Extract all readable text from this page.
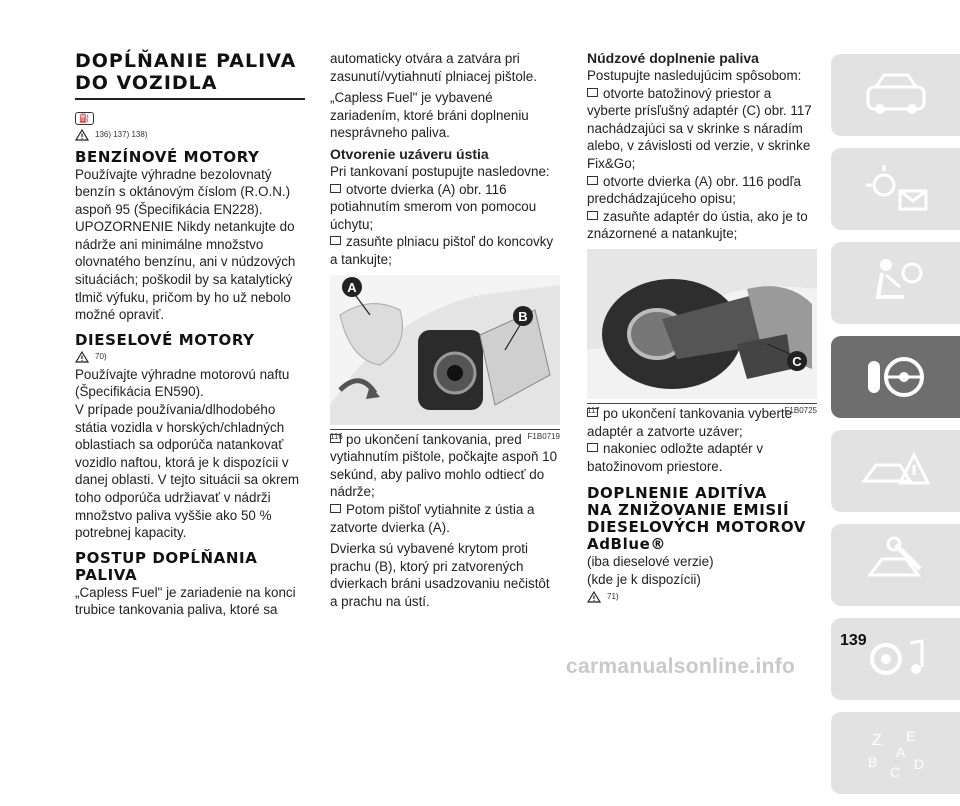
DOPĹŇANIE PALIVA
DO VOZIDLA
⛽
136) 137) 138)
BENZÍNOVÉ MOTORY
Používajte výhradne bezolovnatý benzín s oktánovým číslom (R.O.N.) aspoň 95 (Špecifikácia EN228).
UPOZORNENIE Nikdy netankujte do nádrže ani minimálne množstvo olovnatého benzínu, ani v núdzových situáciách; poškodil by sa katalytický tlmič výfuku, pričom by ho už nebolo možné opraviť.
DIESELOVÉ MOTORY
70)
Používajte výhradne motorovú naftu (Špecifikácia EN590).
V prípade používania/dlhodobého státia vozidla v horských/chladných oblastiach sa odporúča natankovať vozidlo naftou, ktorá je k dispozícii v danej oblasti. V tejto situácii sa okrem toho odporúča udržiavať v nádrži množstvo paliva vyššie ako 50 % potrebnej kapacity.
POSTUP DOPĹŇANIA
PALIVA
„Capless Fuel" je zariadenie na konci trubice tankovania paliva, ktoré sa
automaticky otvára a zatvára pri zasunutí/vytiahnutí plniacej pištole.
„Capless Fuel" je vybavené zariadením, ktoré bráni doplneniu nesprávneho paliva.
Otvorenie uzáveru ústia
Pri tankovaní postupujte nasledovne:
otvorte dvierka (A) obr. 116 potiahnutím smerom von pomocou úchytu;
zasuňte plniacu pištoľ do koncovky a tankujte;
A
B
116	F1B0719
po ukončení tankovania, pred vytiahnutím pištole, počkajte aspoň 10 sekúnd, aby palivo mohlo odtiecť do nádrže;
Potom pištoľ vytiahnite z ústia a zatvorte dvierka (A).
Dvierka sú vybavené krytom proti prachu (B), ktorý pri zatvorených dvierkach bráni usadzovaniu nečistôt a prachu na ústí.
Núdzové doplnenie paliva
Postupujte nasledujúcim spôsobom:
otvorte batožinový priestor a vyberte prísľušný adaptér (C) obr. 117 nachádzajúci sa v skrinke s náradím alebo, v závislosti od verzie, v skrinke Fix&Go;
otvorte dvierka (A) obr. 116 podľa predchádzajúceho opisu;
zasuňte adaptér do ústia, ako je to znázornené a natankujte;
C
117	F1B0725
po ukončení tankovania vyberte adaptér a zatvorte uzáver;
nakoniec odložte adaptér v batožinovom priestore.
DOPLNENIE ADITÍVA
NA ZNIŽOVANIE EMISIÍ
DIESELOVÝCH MOTOROV
AdBlue®
(iba dieselové verzie)
(kde je k dispozícii)
71)
Z E
B
C D
A
139
carmanualsonline.info
